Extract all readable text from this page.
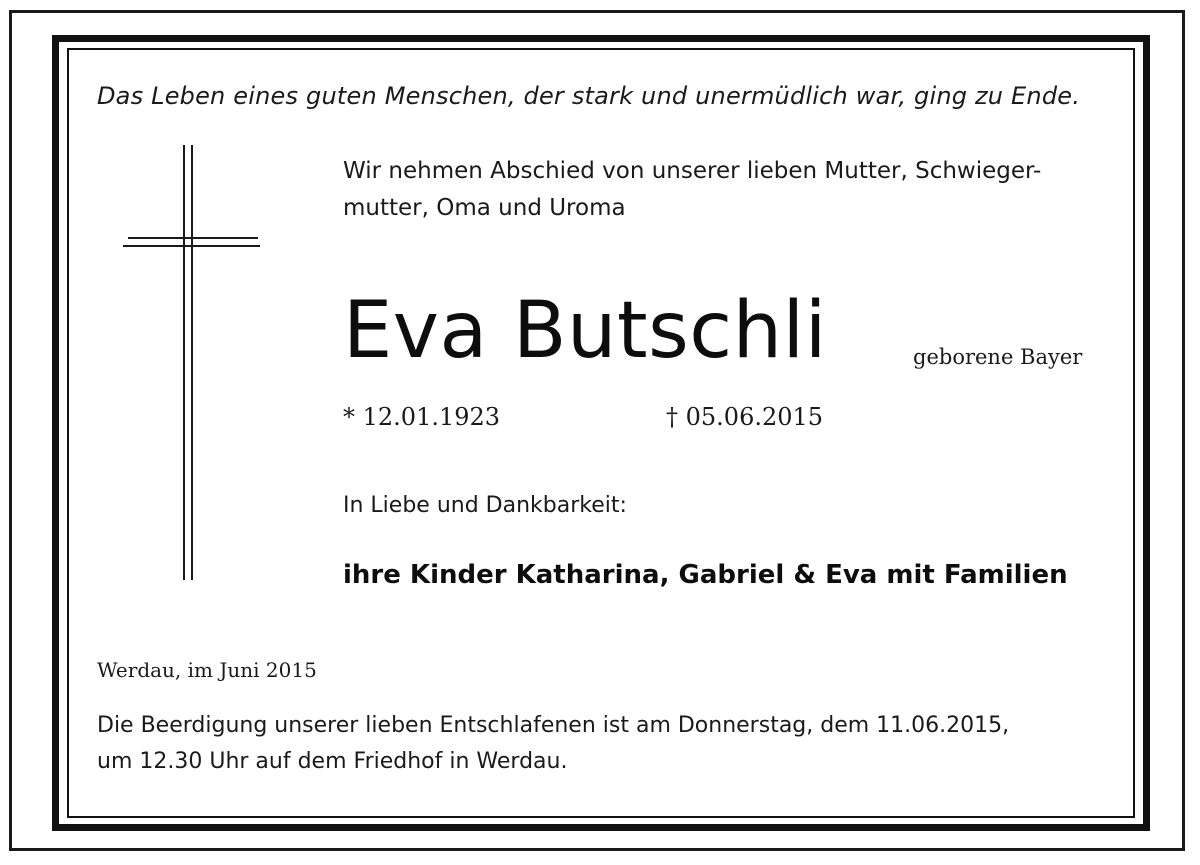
Das Leben eines guten Menschen, der stark und unermüdlich war, ging zu Ende.
Wir nehmen Abschied von unserer lieben Mutter, Schwieger-
mutter, Oma und Uroma
Eva Butschli	geborene Bayer
* 12.01.1923	† 05.06.2015
In Liebe und Dankbarkeit:
ihre Kinder Katharina, Gabriel & Eva mit Familien
Werdau, im Juni 2015
Die Beerdigung unserer lieben Entschlafenen ist am Donnerstag, dem 11.06.2015,
um 12.30 Uhr auf dem Friedhof in Werdau.
